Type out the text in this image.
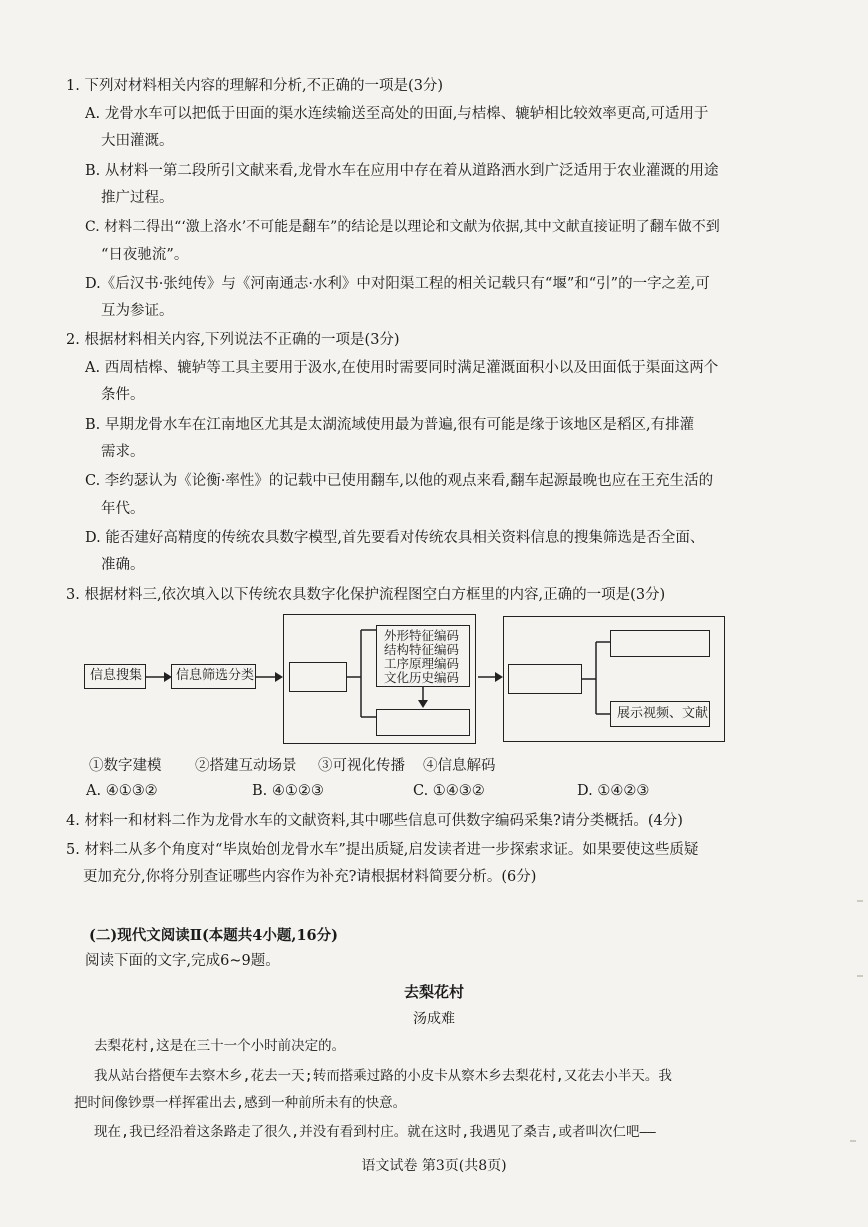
1. 下列对材料相关内容的理解和分析,不正确的一项是(3分)
A. 龙骨水车可以把低于田面的渠水连续输送至高处的田面,与桔槔、辘轳相比较效率更高,可适用于
大田灌溉。
B. 从材料一第二段所引文献来看,龙骨水车在应用中存在着从道路洒水到广泛适用于农业灌溉的用途
推广过程。
C. 材料二得出“‘激上洛水’不可能是翻车”的结论是以理论和文献为依据,其中文献直接证明了翻车做不到
“日夜驰流”。
D.《后汉书·张纯传》与《河南通志·水利》中对阳渠工程的相关记载只有“堰”和“引”的一字之差,可
互为参证。
2. 根据材料相关内容,下列说法不正确的一项是(3分)
A. 西周桔槔、辘轳等工具主要用于汲水,在使用时需要同时满足灌溉面积小以及田面低于渠面这两个
条件。
B. 早期龙骨水车在江南地区尤其是太湖流域使用最为普遍,很有可能是缘于该地区是稻区,有排灌
需求。
C. 李约瑟认为《论衡·率性》的记载中已使用翻车,以他的观点来看,翻车起源最晚也应在王充生活的
年代。
D. 能否建好高精度的传统农具数字模型,首先要看对传统农具相关资料信息的搜集筛选是否全面、
准确。
3. 根据材料三,依次填入以下传统农具数字化保护流程图空白方框里的内容,正确的一项是(3分)
信息搜集	信息筛选分类
外形特征编码
结构特征编码
工序原理编码
文化历史编码
展示视频、文献
①数字建模 ②搭建互动场景 ③可视化传播 ④信息解码
A. ④①③②	B. ④①②③	C. ①④③②	D. ①④②③
4. 材料一和材料二作为龙骨水车的文献资料,其中哪些信息可供数字编码采集?请分类概括。(4分)
5. 材料二从多个角度对“毕岚始创龙骨水车”提出质疑,启发读者进一步探索求证。如果要使这些质疑
更加充分,你将分别查证哪些内容作为补充?请根据材料简要分析。(6分)
(二)现代文阅读Ⅱ(本题共4小题,16分)
阅读下面的文字,完成6~9题。
去梨花村
汤成难
去梨花村,这是在三十一个小时前决定的。
我从站台搭便车去察木乡,花去一天;转而搭乘过路的小皮卡从察木乡去梨花村,又花去小半天。我
把时间像钞票一样挥霍出去,感到一种前所未有的快意。
现在,我已经沿着这条路走了很久,并没有看到村庄。就在这时,我遇见了桑吉,或者叫次仁吧——
语文试卷 第3页(共8页)
